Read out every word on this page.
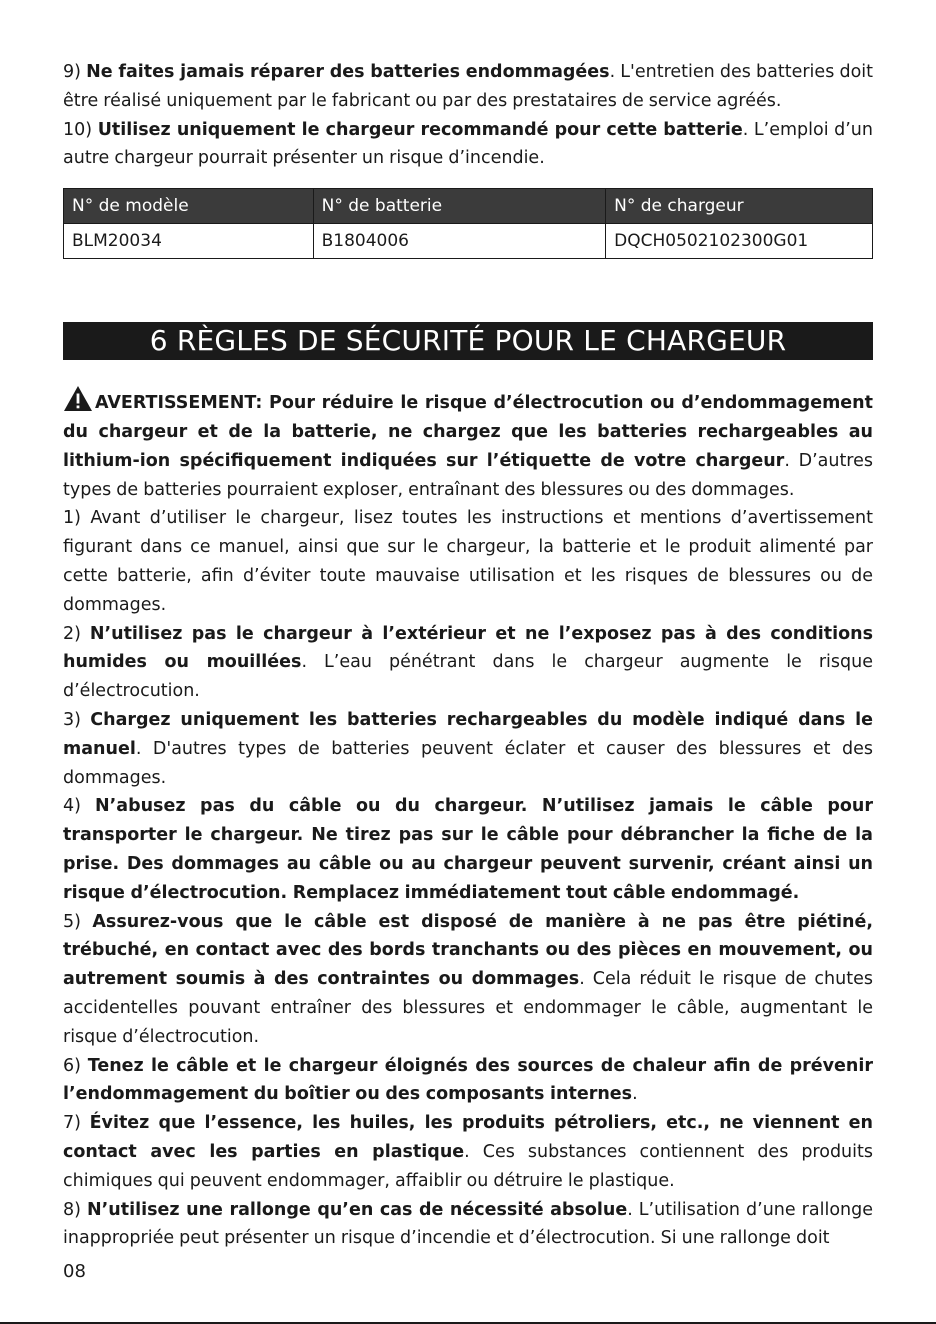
9) Ne faites jamais réparer des batteries endommagées. L'entretien des batteries doit être réalisé uniquement par le fabricant ou par des prestataires de service agréés.

10) Utilisez uniquement le chargeur recommandé pour cette batterie. L’emploi d’un autre chargeur pourrait présenter un risque d’incendie.

N° de modèle	N° de batterie	N° de chargeur
BLM20034	B1804006	DQCH0502102300G01
6 RÈGLES DE SÉCURITÉ POUR LE CHARGEUR

AVERTISSEMENT: Pour réduire le risque d’électrocution ou d’endommagement du chargeur et de la batterie, ne chargez que les batteries rechargeables au lithium-ion spécifiquement indiquées sur l’étiquette de votre chargeur. D’autres types de batteries pourraient exploser, entraînant des blessures ou des dommages.

1) Avant d’utiliser le chargeur, lisez toutes les instructions et mentions d’avertissement figurant dans ce manuel, ainsi que sur le chargeur, la batterie et le produit alimenté par cette batterie, afin d’éviter toute mauvaise utilisation et les risques de blessures ou de dommages.

2) N’utilisez pas le chargeur à l’extérieur et ne l’exposez pas à des conditions humides ou mouillées. L’eau pénétrant dans le chargeur augmente le risque d’électrocution.

3) Chargez uniquement les batteries rechargeables du modèle indiqué dans le manuel. D'autres types de batteries peuvent éclater et causer des blessures et des dommages.

4) N’abusez pas du câble ou du chargeur. N’utilisez jamais le câble pour transporter le chargeur. Ne tirez pas sur le câble pour débrancher la fiche de la prise. Des dommages au câble ou au chargeur peuvent survenir, créant ainsi un risque d’électrocution. Remplacez immédiatement tout câble endommagé.

5) Assurez-vous que le câble est disposé de manière à ne pas être piétiné, trébuché, en contact avec des bords tranchants ou des pièces en mouvement, ou autrement soumis à des contraintes ou dommages. Cela réduit le risque de chutes accidentelles pouvant entraîner des blessures et endommager le câble, augmentant le risque d’électrocution.

6) Tenez le câble et le chargeur éloignés des sources de chaleur afin de prévenir l’endommagement du boîtier ou des composants internes.

7) Évitez que l’essence, les huiles, les produits pétroliers, etc., ne viennent en contact avec les parties en plastique. Ces substances contiennent des produits chimiques qui peuvent endommager, affaiblir ou détruire le plastique.

8) N’utilisez une rallonge qu’en cas de nécessité absolue. L’utilisation d’une rallonge inappropriée peut présenter un risque d’incendie et d’électrocution. Si une rallonge doit

08
